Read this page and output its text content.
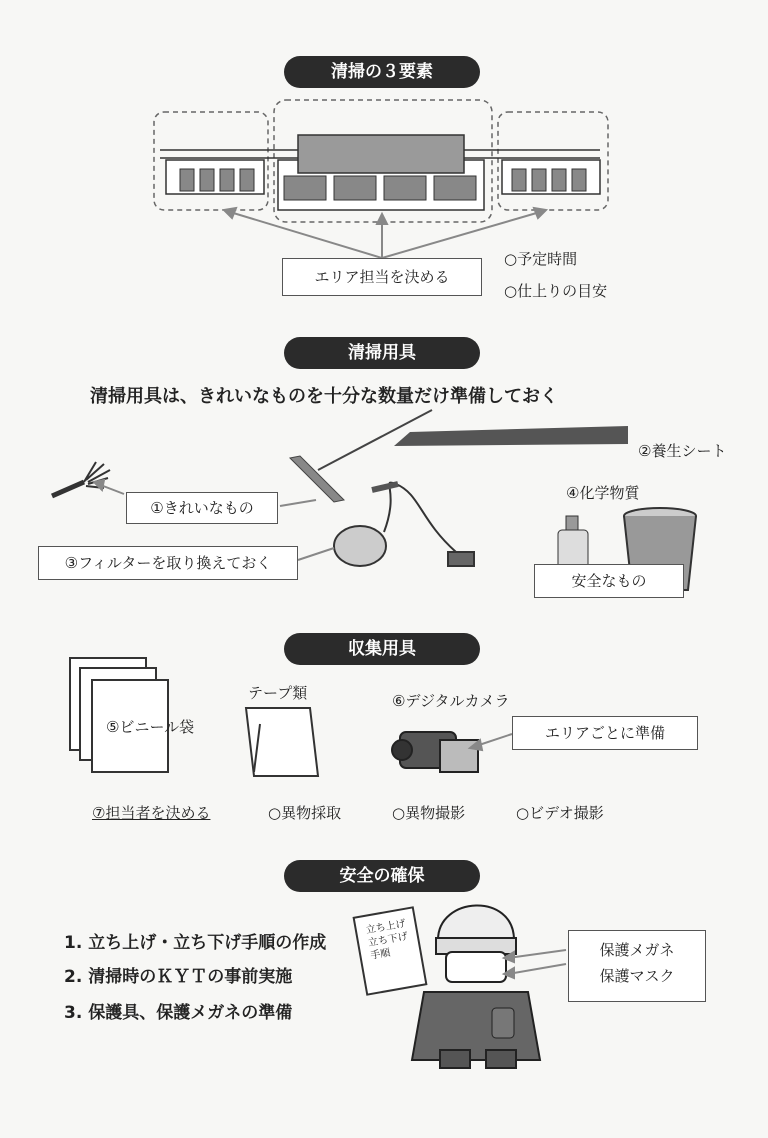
清掃の３要素
エリア担当を決める
○予定時間
○仕上りの目安
清掃用具
清掃用具は、きれいなものを十分な数量だけ準備しておく
②養生シート
①きれいなもの
④化学物質
③フィルターを取り換えておく
安全なもの
収集用具
テープ類
⑤ビニール袋
⑥デジタルカメラ
エリアごとに準備
⑦担当者を決める	○異物採取	○異物撮影	○ビデオ撮影
安全の確保
1. 立ち上げ・立ち下げ手順の作成
2. 清掃時のＫＹＴの事前実施
3. 保護具、保護メガネの準備
立ち上げ
立ち下げ
手順	保護メガネ
保護マスク
